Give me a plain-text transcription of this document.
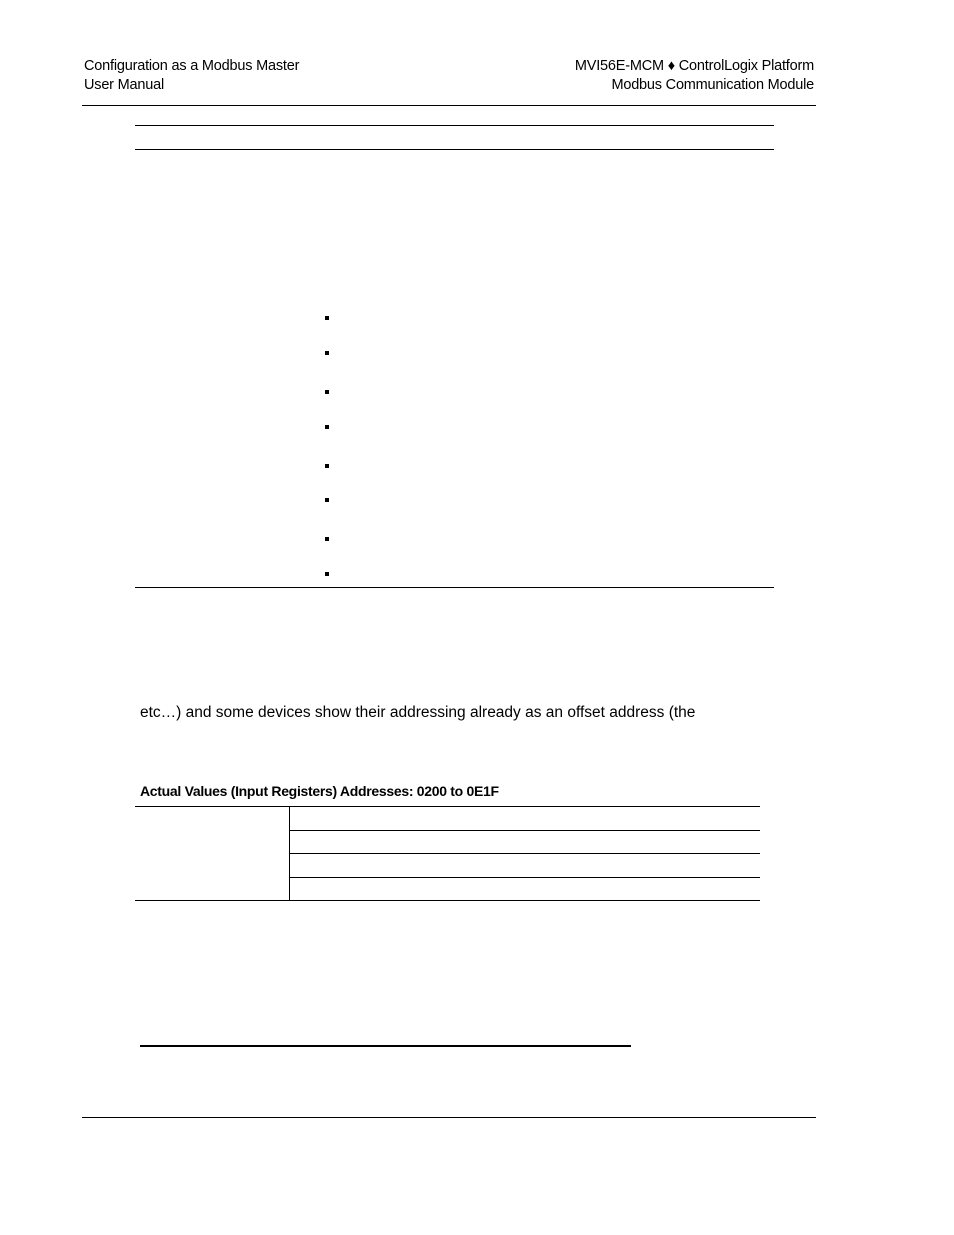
Configuration as a Modbus Master
User Manual
MVI56E-MCM ♦ ControlLogix Platform
Modbus Communication Module
etc…) and some devices show their addressing already as an offset address (the
Actual Values (Input Registers) Addresses: 0200 to 0E1F
